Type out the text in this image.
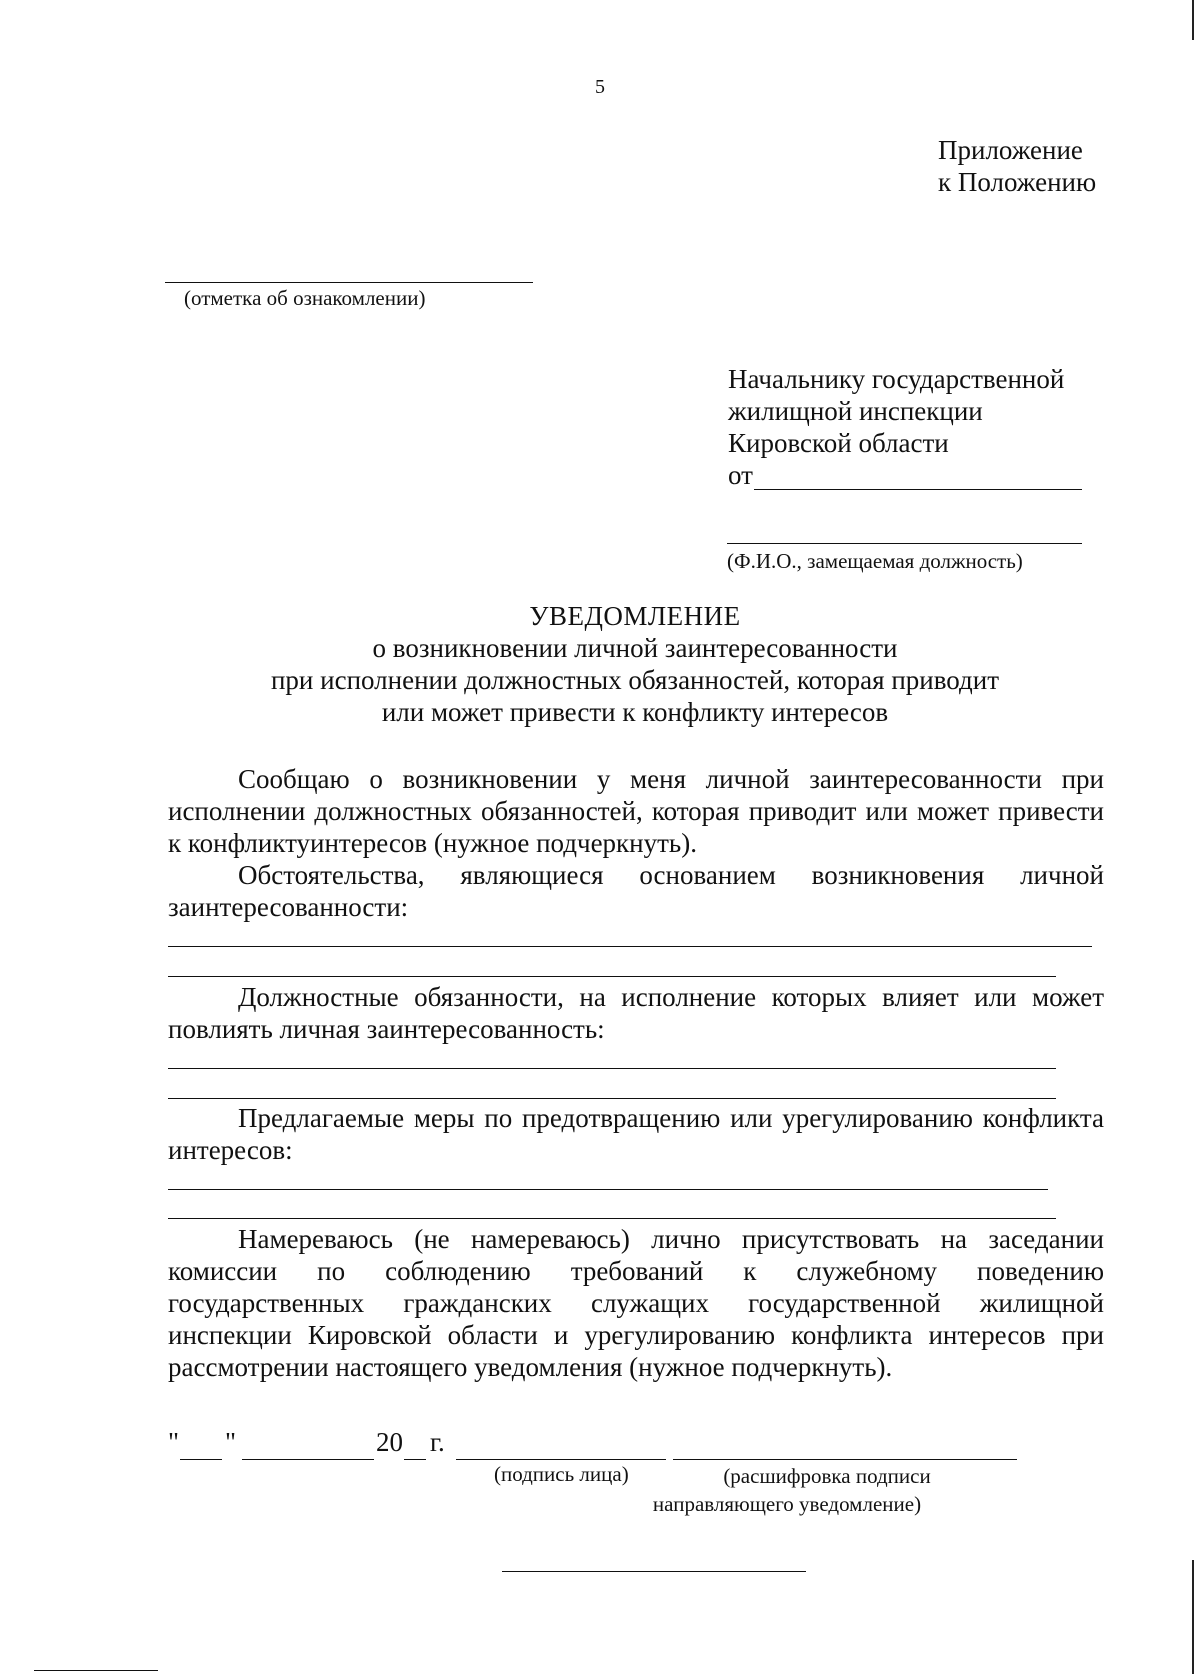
5
Приложение
к Положению
(отметка об ознакомлении)
Начальнику государственной
жилищной инспекции
Кировской области
от
(Ф.И.О., замещаемая должность)
УВЕДОМЛЕНИЕ
о возникновении личной заинтересованности
при исполнении должностных обязанностей, которая приводит
или может привести к конфликту интересов
Сообщаю о возникновении у меня личной заинтересованности при исполнении должностных обязанностей, которая приводит или может привести к конфликтуинтересов (нужное подчеркнуть).
Обстоятельства, являющиеся основанием возникновения личной заинтересованности:
Должностные обязанности, на исполнение которых влияет или может повлиять личная заинтересованность:
Предлагаемые меры по предотвращению или урегулированию конфликта интересов:
Намереваюсь (не намереваюсь) лично присутствовать на заседании комиссии по соблюдению требований к служебному поведению государственных гражданских служащих государственной жилищной инспекции Кировской области и урегулированию конфликта интересов при рассмотрении настоящего уведомления (нужное подчеркнуть).
" "	20 г.
(подпись лица)	(расшифровка подписи
направляющего уведомление)
